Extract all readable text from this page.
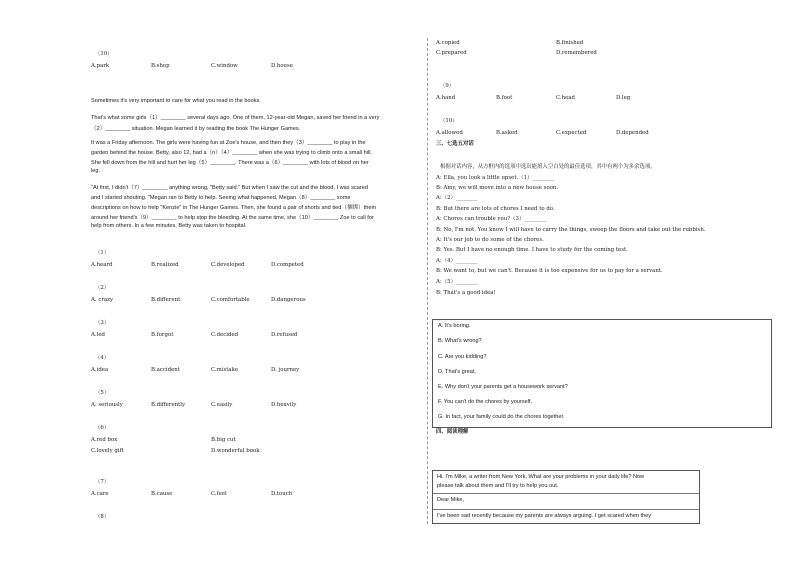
（10）
A.park	B.shop	C.window	D.house
Sometimes it's very important to care for what you read in the books.
That's what some girls（1）________ several days ago. One of them, 12-year-old Megan, saved her friend in a very
（2）________ situation. Megan learned it by reading the book The Hunger Games.
It was a Friday afternoon. The girls were having fun at Zoe's house, and then they（3）________ to play in the
garden behind the house. Betty, also 12, had a（n）（4）________ when she was trying to climb onto a small hill.
She fell down from the hill and hurt her leg（5）________. There was a（6）________ with lots of blood on her
leg.
"At first, I didn't（7）________ anything wrong, "Betty said." But when I saw the cut and the blood, I was scared
and I started shouting. "Megan ran to Betty to help. Seeing what happened, Megan（8）________ some
descriptions on how to help "Kenzie" in The Hunger Games. Then, she found a pair of shorts and tied（捆绑）them
around her friend's（9）________ to help stop the bleeding. At the same time, she（10）________ Zoe to call for
help from others. In a few minutes, Betty was taken to hospital.
（1）
A.heard	B.realized	C.developed	D.competed
（2）
A. crazy	B.different	C.comfortable	D.dangerous
（3）
A.led	B.forgot	C.decided	D.refused
（4）
A.idea	B.accident	C.mistake	D. journey
（5）
A. seriously	B.differently	C.easily	D.heavily
（6）
A.red box	B.big cut
C.lovely gift	D.wonderful book
（7）
A.care	B.cause	C.feel	D.touch
（8）
A.copied	B.finished
C.prepared	D.remembered
（9）
A.hand	B.foot	C.head	D.leg
（10）
A.allowed	B.asked	C.expected	D.depended
三、七选五对话
根据对话内容，从方框内的选项中选出能填入空白处的最佳选项，其中有两个为多余选项。
A: Ella, you look a little upset.（1）________
B: Amy, we will move into a new house soon.
A:（2）________
B: But there are lots of chores I need to do.
A: Chores can trouble you?（3）________
B: No, I'm not. You know I will have to carry the things, sweep the floors and take out the rubbish.
A: It's our job to do some of the chores.
B: Yes. But I have no enough time. I have to study for the coming test.
A:（4）________
B: We want to, but we can't. Because it is too expensive for us to pay for a servant.
A:（5）________
B: That's a good idea!
A. It's boring.
B. What's wrong?
C. Are you kidding?
D. That's great.
E. Why don't your parents get a housework servant?
F. You can't do the chores by yourself.
G. In fact, your family could do the chores together.
四、阅读理解
Hi. I'm Mike, a writer from New York. What are your problems in your daily life? Now
please talk about them and I'll try to help you out.
Dear Mike,
I've been sad recently because my parents are always arguing. I get scared when they
